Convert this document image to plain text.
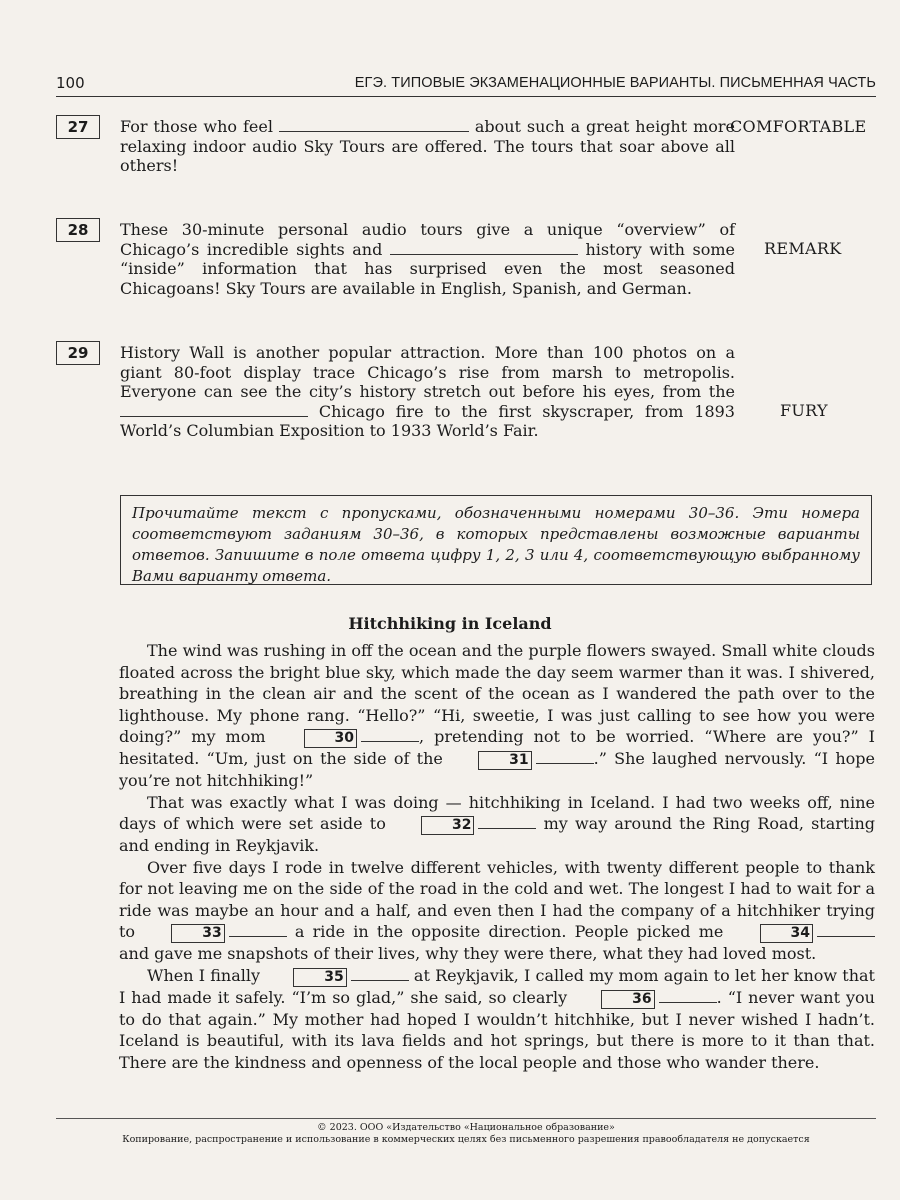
100	ЕГЭ. ТИПОВЫЕ ЭКЗАМЕНАЦИОННЫЕ ВАРИАНТЫ. ПИСЬМЕННАЯ ЧАСТЬ
27	For those who feel	about such a great height more relaxing indoor audio Sky Tours are offered. The tours that soar above all others!
COMFORTABLE
28	These 30-minute personal audio tours give a unique “overview” of Chicago’s incredible sights and	history with some “inside” information that has surprised even the most seasoned Chicagoans! Sky Tours are available in English, Spanish, and German.
REMARK
29	History Wall is another popular attraction. More than 100 photos on a giant 80-foot display trace Chicago’s rise from marsh to metropolis. Everyone can see the city’s history stretch out before his eyes, from the  Chicago fire to the first skyscraper, from 1893 World’s Columbian Exposition to 1933 World’s Fair.
FURY
Прочитайте текст с пропусками, обозначенными номерами 30–36. Эти номера соответствуют заданиям 30–36, в которых представлены возможные варианты ответов. Запишите в поле ответа цифру 1, 2, 3 или 4, соответствующую выбранному Вами варианту ответа.
Hitchhiking in Iceland

The wind was rushing in off the ocean and the purple flowers swayed. Small white clouds floated across the bright blue sky, which made the day seem warmer than it was. I shivered, breathing in the clean air and the scent of the ocean as I wandered the path over to the lighthouse. My phone rang. “Hello?” “Hi, sweetie, I was just calling to see how you were doing?” my mom	30	, pretending not to be worried. “Where are you?” I hesitated. “Um, just on the side of the	31	.” She laughed nervously. “I hope you’re not hitchhiking!”

That was exactly what I was doing — hitchhiking in Iceland. I had two weeks off, nine days of which were set aside to	32	my way around the Ring Road, starting and ending in Reykjavik.

Over five days I rode in twelve different vehicles, with twenty different people to thank for not leaving me on the side of the road in the cold and wet. The longest I had to wait for a ride was maybe an hour and a half, and even then I had the company of a hitchhiker trying to	33	a ride in the opposite direction. People picked me	34 and gave me snapshots of their lives, why they were there, what they had loved most.

When I finally	35	at Reykjavik, I called my mom again to let her know that I had made it safely. “I’m so glad,” she said, so clearly	36	. “I never want you to do that again.” My mother had hoped I wouldn’t hitchhike, but I never wished I hadn’t. Iceland is beautiful, with its lava fields and hot springs, but there is more to it than that. There are the kindness and openness of the local people and those who wander there.

© 2023. ООО «Издательство «Национальное образование»
Копирование, распространение и использование в коммерческих целях без письменного разрешения правообладателя не допускается
